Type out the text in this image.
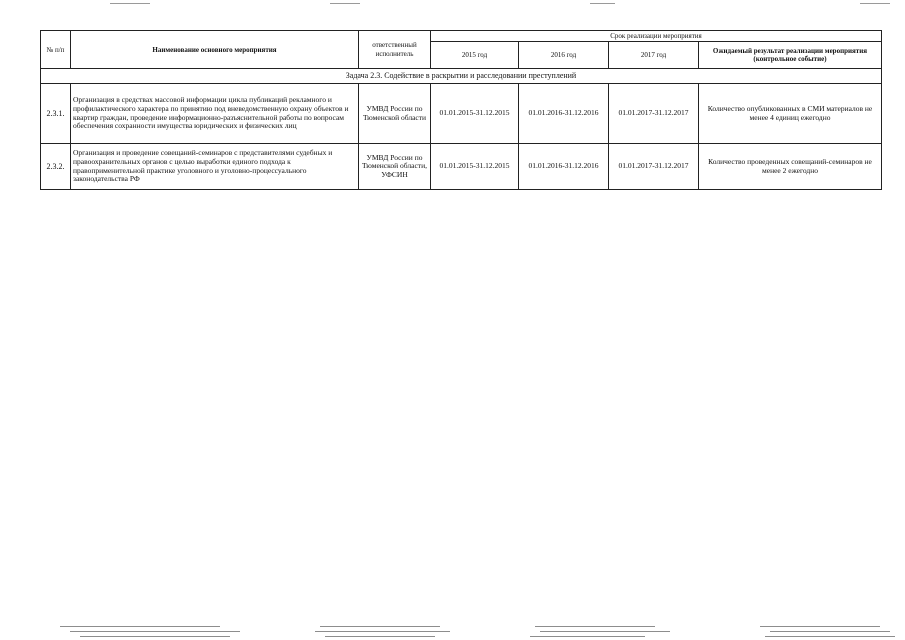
№ п/п	Наименование основного мероприятия	ответственный исполнитель	Срок реализации мероприятия			
			2015 год	2016 год	2017 год	Ожидаемый результат реализации мероприятия (контрольное событие)
Задача 2.3. Содействие в раскрытии и расследовании преступлений						
2.3.1.	Организация в средствах массовой информации цикла публикаций рекламного и профилактического характера по принятию под вневедомственную охрану объектов и квартир граждан, проведение информационно-разъяснительной работы по вопросам обеспечения сохранности имущества юридических и физических лиц	УМВД России по Тюменской области	01.01.2015-31.12.2015	01.01.2016-31.12.2016	01.01.2017-31.12.2017	Количество опубликованных в СМИ материалов не менее 4 единиц ежегодно
2.3.2.	Организация и проведение совещаний-семинаров с представителями судебных и правоохранительных органов с целью выработки единого подхода к правоприменительной практике уголовного и уголовно-процессуального законодательства РФ	УМВД России по Тюменской области, УФСИН	01.01.2015-31.12.2015	01.01.2016-31.12.2016	01.01.2017-31.12.2017	Количество проведенных совещаний-семинаров не менее 2 ежегодно
